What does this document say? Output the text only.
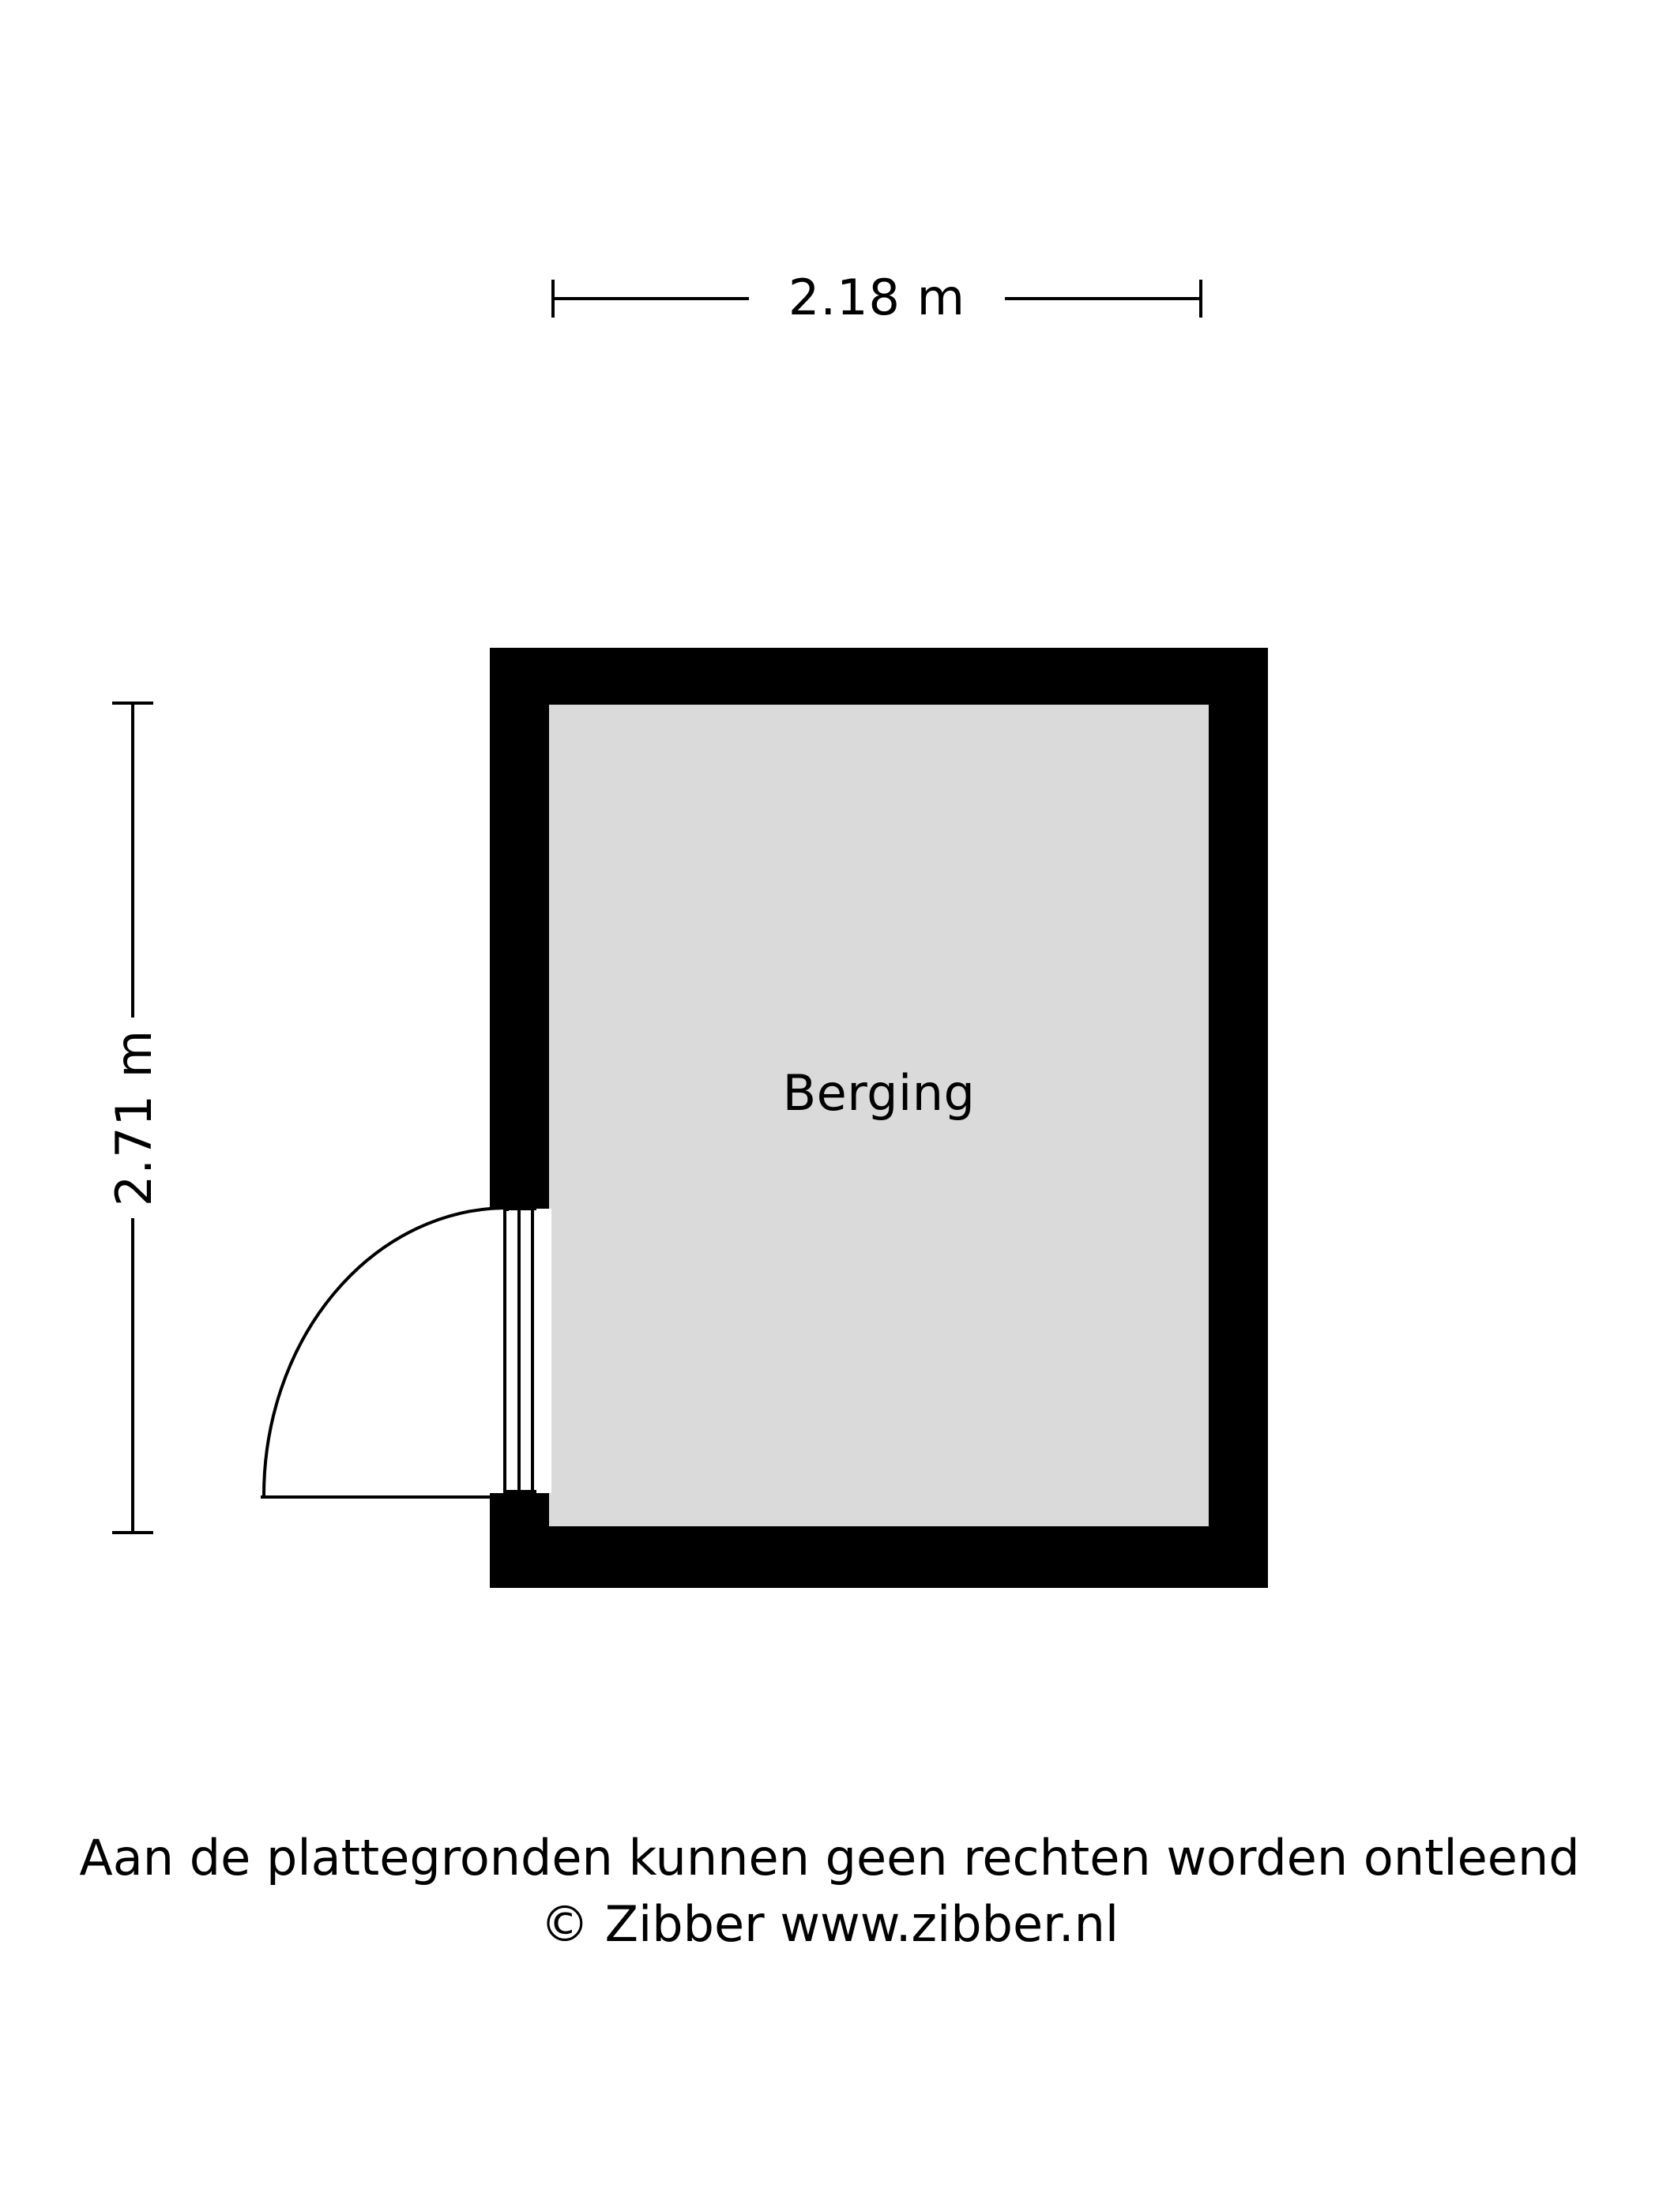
2.18 m
2.71 m	Berging
Aan de plattegronden kunnen geen rechten worden ontleend
© Zibber www.zibber.nl
